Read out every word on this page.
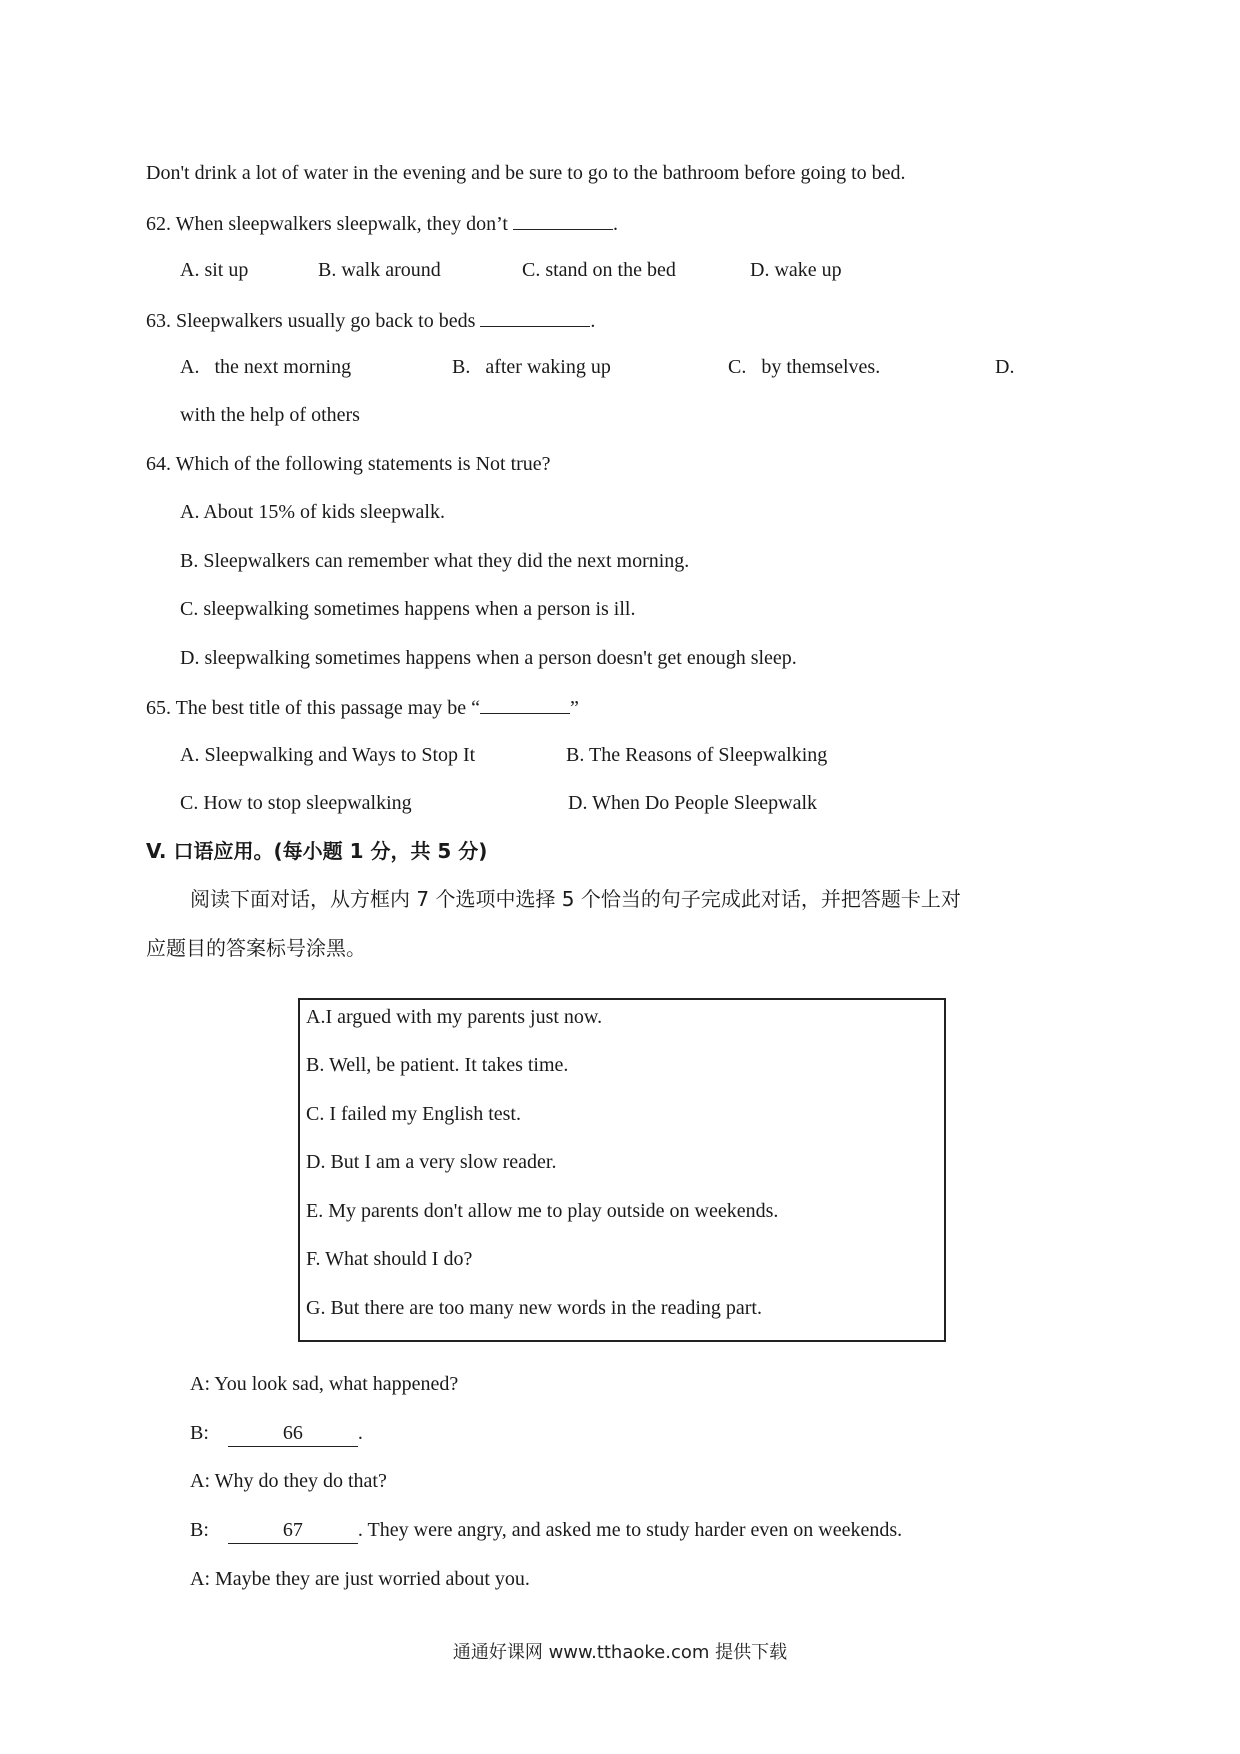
Don't drink a lot of water in the evening and be sure to go to the bathroom before going to bed.
62. When sleepwalkers sleepwalk, they don’t	.
A. sit up	B. walk around	C. stand on the bed	D. wake up
63. Sleepwalkers usually go back to beds	.
A.   the next morning	B.   after waking up	C.   by themselves.	D.
with the help of others
64. Which of the following statements is Not true?
A. About 15% of kids sleepwalk.
B. Sleepwalkers can remember what they did the next morning.
C. sleepwalking sometimes happens when a person is ill.
D. sleepwalking sometimes happens when a person doesn't get enough sleep.
65. The best title of this passage may be “	”
A. Sleepwalking and Ways to Stop It	B. The Reasons of Sleepwalking
C. How to stop sleepwalking	D. When Do People Sleepwalk
V. 口语应用。(每小题 1 分，共 5 分)
阅读下面对话，从方框内 7 个选项中选择 5 个恰当的句子完成此对话，并把答题卡上对
应题目的答案标号涂黑。
A.I argued with my parents just now.
B. Well, be patient. It takes time.
C. I failed my English test.
D. But I am a very slow reader.
E. My parents don't allow me to play outside on weekends.
F. What should I do?
G. But there are too many new words in the reading part.
A: You look sad, what happened?
B:	66	.
A: Why do they do that?
B:	67	. They were angry, and asked me to study harder even on weekends.
A: Maybe they are just worried about you.
通通好课网 www.tthaoke.com 提供下载
